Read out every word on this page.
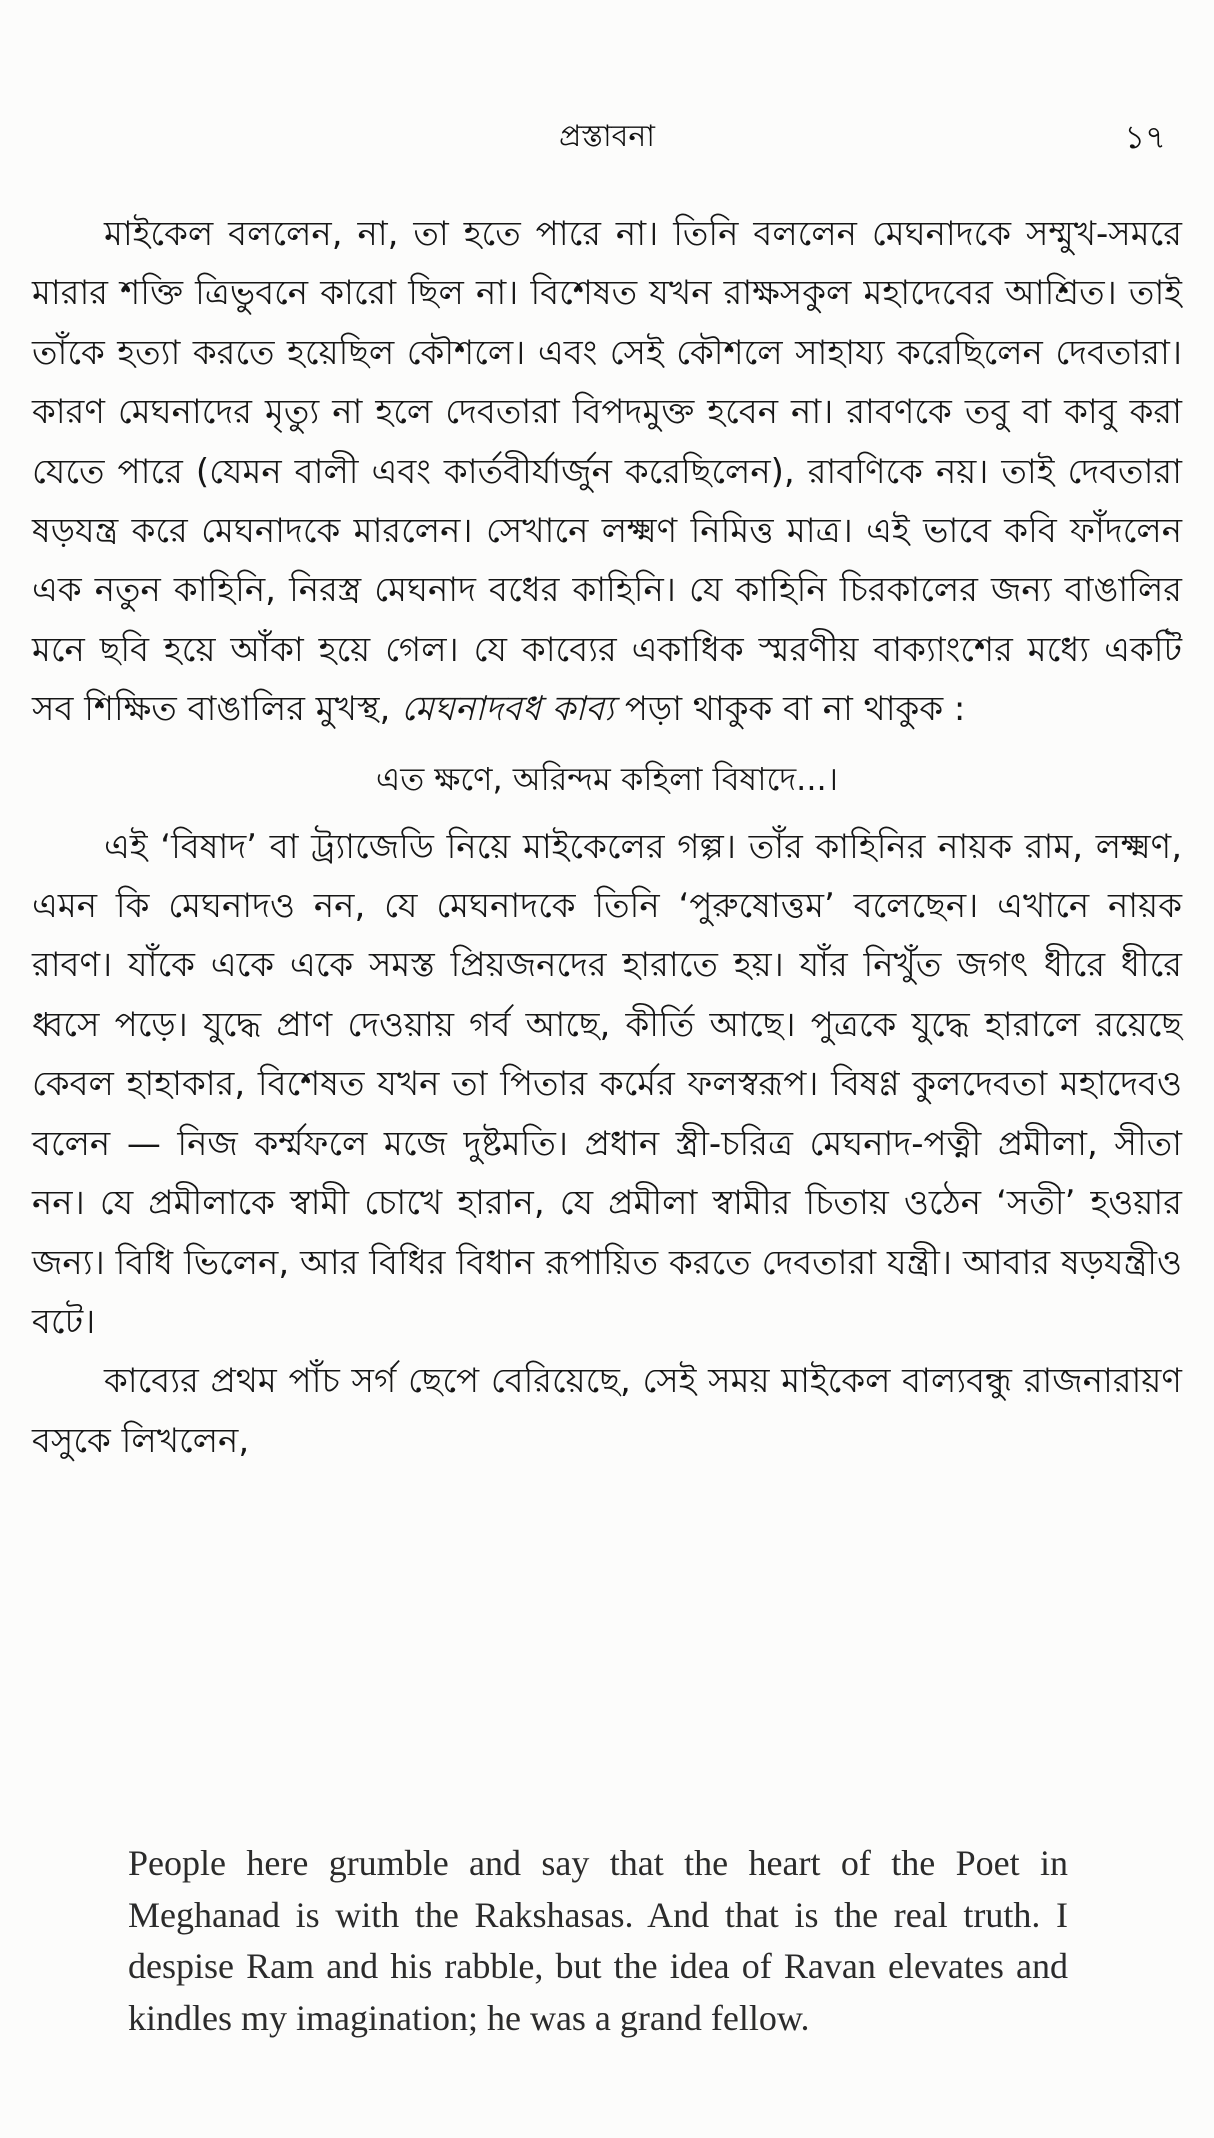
প্রস্তাবনা	১৭

মাইকেল বললেন, না, তা হতে পারে না। তিনি বললেন মেঘনাদকে সম্মুখ-সমরে মারার শক্তি ত্রিভুবনে কারো ছিল না। বিশেষত যখন রাক্ষসকুল মহাদেবের আশ্রিত। তাই তাঁকে হত্যা করতে হয়েছিল কৌশলে। এবং সেই কৌশলে সাহায্য করেছিলেন দেবতারা। কারণ মেঘনাদের মৃত্যু না হলে দেবতারা বিপদমুক্ত হবেন না। রাবণকে তবু বা কাবু করা যেতে পারে (যেমন বালী এবং কার্তবীর্যার্জুন করেছিলেন), রাবণিকে নয়। তাই দেবতারা ষড়যন্ত্র করে মেঘনাদকে মারলেন। সেখানে লক্ষ্মণ নিমিত্ত মাত্র। এই ভাবে কবি ফাঁদলেন এক নতুন কাহিনি, নিরস্ত্র মেঘনাদ বধের কাহিনি। যে কাহিনি চিরকালের জন্য বাঙালির মনে ছবি হয়ে আঁকা হয়ে গেল। যে কাব্যের একাধিক স্মরণীয় বাক্যাংশের মধ্যে একটি সব শিক্ষিত বাঙালির মুখস্থ, মেঘনাদবধ কাব্য পড়া থাকুক বা না থাকুক :

এত ক্ষণে, অরিন্দম কহিলা বিষাদে...।

এই ‘বিষাদ’ বা ট্র্যাজেডি নিয়ে মাইকেলের গল্প। তাঁর কাহিনির নায়ক রাম, লক্ষ্মণ, এমন কি মেঘনাদও নন, যে মেঘনাদকে তিনি ‘পুরুষোত্তম’ বলেছেন। এখানে নায়ক রাবণ। যাঁকে একে একে সমস্ত প্রিয়জনদের হারাতে হয়। যাঁর নিখুঁত জগৎ ধীরে ধীরে ধ্বসে পড়ে। যুদ্ধে প্রাণ দেওয়ায় গর্ব আছে, কীর্তি আছে। পুত্রকে যুদ্ধে হারালে রয়েছে কেবল হাহাকার, বিশেষত যখন তা পিতার কর্মের ফলস্বরূপ। বিষণ্ণ কুলদেবতা মহাদেবও বলেন — নিজ কর্ম্মফলে মজে দুষ্টমতি। প্রধান স্ত্রী-চরিত্র মেঘনাদ-পত্নী প্রমীলা, সীতা নন। যে প্রমীলাকে স্বামী চোখে হারান, যে প্রমীলা স্বামীর চিতায় ওঠেন ‘সতী’ হওয়ার জন্য। বিধি ভিলেন, আর বিধির বিধান রূপায়িত করতে দেবতারা যন্ত্রী। আবার ষড়যন্ত্রীও বটে।

কাব্যের প্রথম পাঁচ সর্গ ছেপে বেরিয়েছে, সেই সময় মাইকেল বাল্যবন্ধু রাজনারায়ণ বসুকে লিখলেন,

People here grumble and say that the heart of the Poet in Meghanad is with the Rakshasas. And that is the real truth. I despise Ram and his rabble, but the idea of Ravan elevates and kindles my imagination; he was a grand fellow.
